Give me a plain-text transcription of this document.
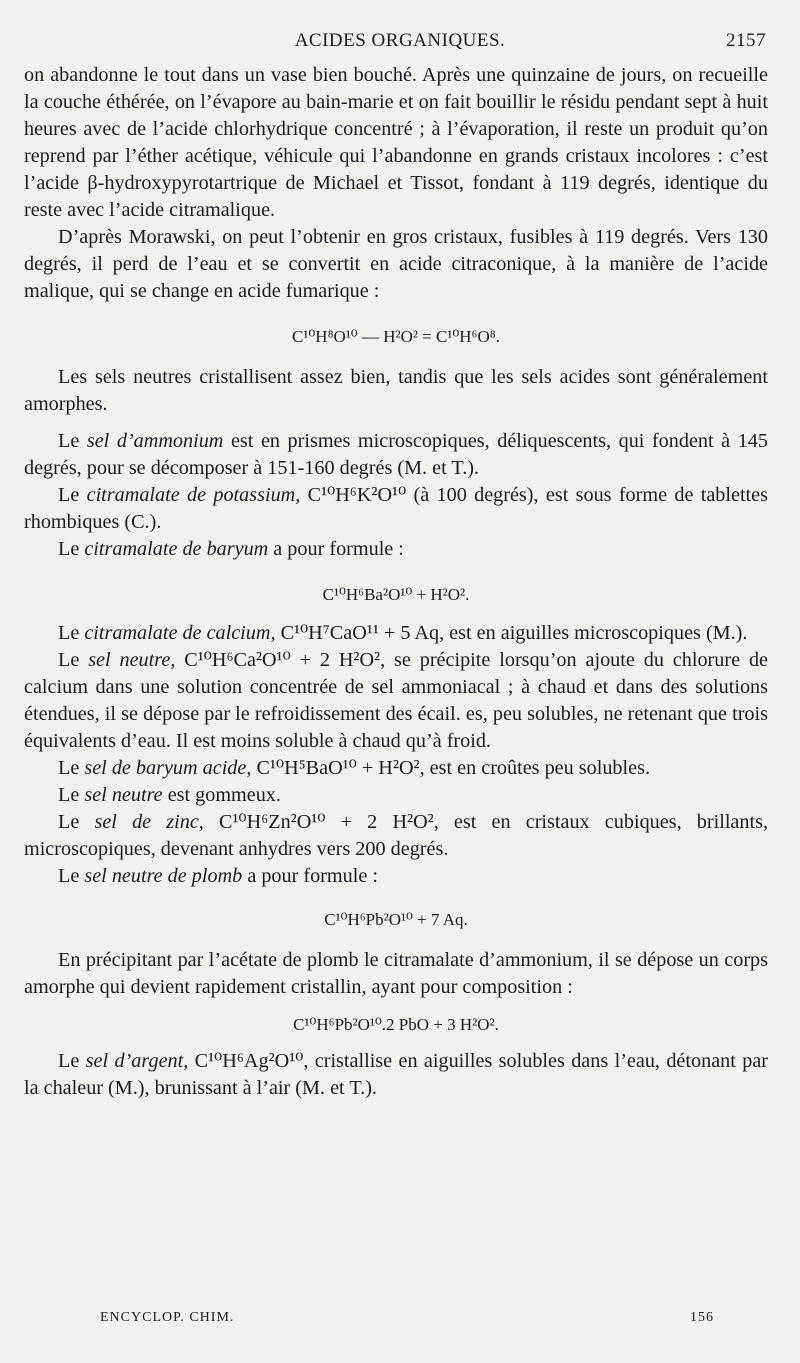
ACIDES ORGANIQUES.	2157

on abandonne le tout dans un vase bien bouché. Après une quinzaine de jours, on recueille la couche éthérée, on l’évapore au bain-marie et on fait bouillir le résidu pendant sept à huit heures avec de l’acide chlorhydrique concentré ; à l’évaporation, il reste un produit qu’on reprend par l’éther acétique, véhicule qui l’abandonne en grands cristaux incolores : c’est l’acide β-hydroxypyrotartrique de Michael et Tissot, fondant à 119 degrés, identique du reste avec l’acide citramalique.

D’après Morawski, on peut l’obtenir en gros cristaux, fusibles à 119 degrés. Vers 130 degrés, il perd de l’eau et se convertit en acide citraconique, à la manière de l’acide malique, qui se change en acide fumarique :

C¹⁰H⁸O¹⁰ — H²O² = C¹⁰H⁶O⁸.

Les sels neutres cristallisent assez bien, tandis que les sels acides sont généralement amorphes.

Le sel d’ammonium est en prismes microscopiques, déliquescents, qui fondent à 145 degrés, pour se décomposer à 151-160 degrés (M. et T.).

Le citramalate de potassium, C¹⁰H⁶K²O¹⁰ (à 100 degrés), est sous forme de tablettes rhombiques (C.).

Le citramalate de baryum a pour formule :

C¹⁰H⁶Ba²O¹⁰ + H²O².

Le citramalate de calcium, C¹⁰H⁷CaO¹¹ + 5 Aq, est en aiguilles microscopiques (M.).

Le sel neutre, C¹⁰H⁶Ca²O¹⁰ + 2 H²O², se précipite lorsqu’on ajoute du chlorure de calcium dans une solution concentrée de sel ammoniacal ; à chaud et dans des solutions étendues, il se dépose par le refroidissement des écail. es, peu solubles, ne retenant que trois équivalents d’eau. Il est moins soluble à chaud qu’à froid.

Le sel de baryum acide, C¹⁰H⁵BaO¹⁰ + H²O², est en croûtes peu solubles.

Le sel neutre est gommeux.

Le sel de zinc, C¹⁰H⁶Zn²O¹⁰ + 2 H²O², est en cristaux cubiques, brillants, microscopiques, devenant anhydres vers 200 degrés.

Le sel neutre de plomb a pour formule :

C¹⁰H⁶Pb²O¹⁰ + 7 Aq.

En précipitant par l’acétate de plomb le citramalate d’ammonium, il se dépose un corps amorphe qui devient rapidement cristallin, ayant pour composition :

C¹⁰H⁶Pb²O¹⁰.2 PbO + 3 H²O².

Le sel d’argent, C¹⁰H⁶Ag²O¹⁰, cristallise en aiguilles solubles dans l’eau, détonant par la chaleur (M.), brunissant à l’air (M. et T.).

ENCYCLOP. CHIM.	156
